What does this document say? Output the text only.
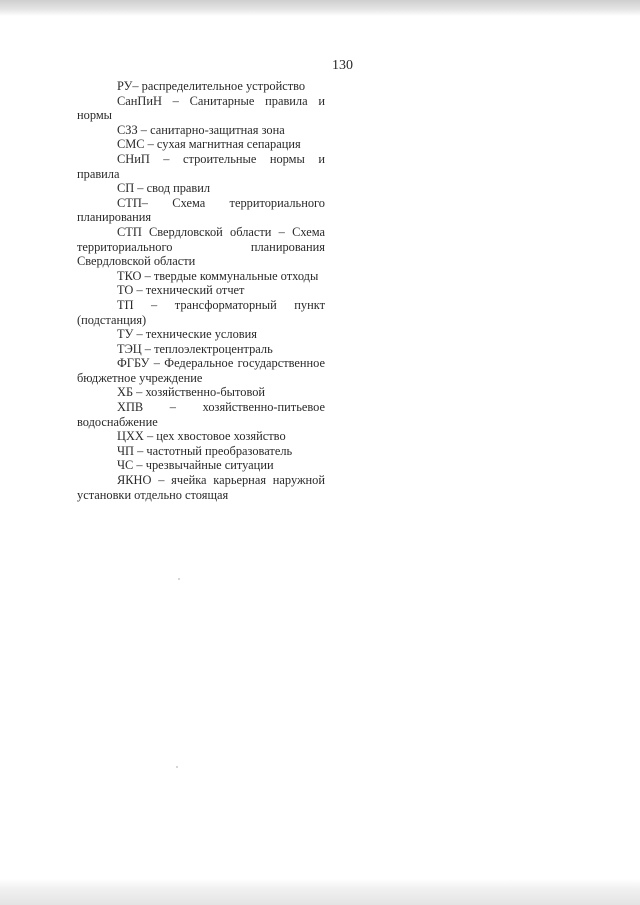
130

РУ– распределительное устройство

СанПиН – Санитарные правила и нормы

СЗЗ – санитарно-защитная зона

СМС – сухая магнитная сепарация

СНиП – строительные нормы и правила

СП – свод правил

СТП– Схема территориального планирования

СТП Свердловской области – Схема территориального планирования Свердловской области

ТКО – твердые коммунальные отходы

ТО – технический отчет

ТП – трансформаторный пункт (подстанция)

ТУ – технические условия

ТЭЦ – теплоэлектроцентраль

ФГБУ – Федеральное государственное бюджетное учреждение

ХБ – хозяйственно-бытовой

ХПВ – хозяйственно-питьевое водоснабжение

ЦХХ – цех хвостовое хозяйство

ЧП – частотный преобразователь

ЧС – чрезвычайные ситуации

ЯКНО – ячейка карьерная наружной установки отдельно стоящая
